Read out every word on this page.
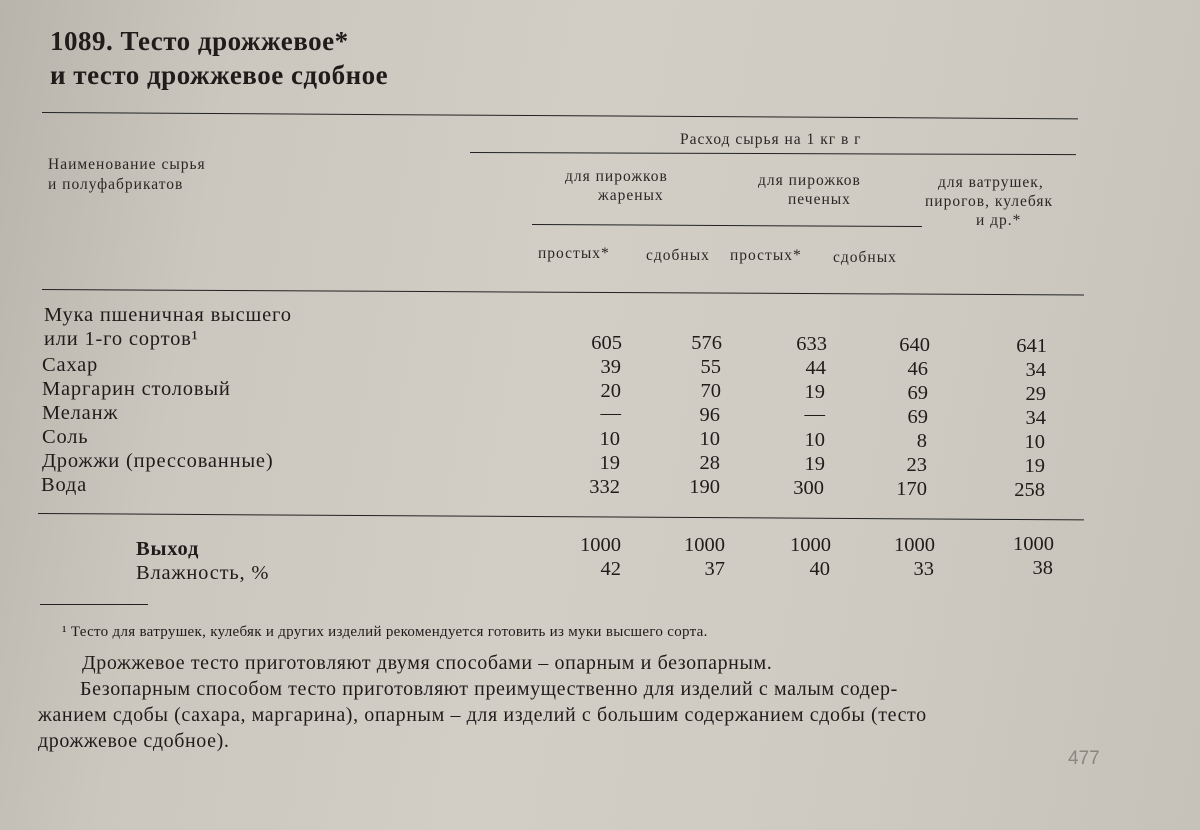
1089. Тесто дрожжевое*
и тесто дрожжевое сдобное
Наименование сырья
и полуфабрикатов
Расход сырья на 1 кг в г
для пирожков
жареных
для пирожков
печеных
для ватрушек,
пирогов, кулебяк
и др.*
простых* сдобных простых* сдобных
Мука пшеничная высшего
или 1-го сортов¹	605	576	633	640	641
Сахар	39	55	44	46	34
Маргарин столовый	20	70	19	69	29
Меланж	—	96	—	69	34
Соль	10	10	10	8	10
Дрожжи (прессованные)	19	28	19	23	19
Вода	332	190	300	170	258
Выход	1000	1000	1000	1000	1000
Влажность, %	42	37	40	33	38
¹ Тесто для ватрушек, кулебяк и других изделий рекомендуется готовить из муки высшего сорта.
Дрожжевое тесто приготовляют двумя способами – опарным и безопарным.
Безопарным способом тесто приготовляют преимущественно для изделий с малым содер-
жанием сдобы (сахара, маргарина), опарным – для изделий с большим содержанием сдобы (тесто
дрожжевое сдобное).
477
